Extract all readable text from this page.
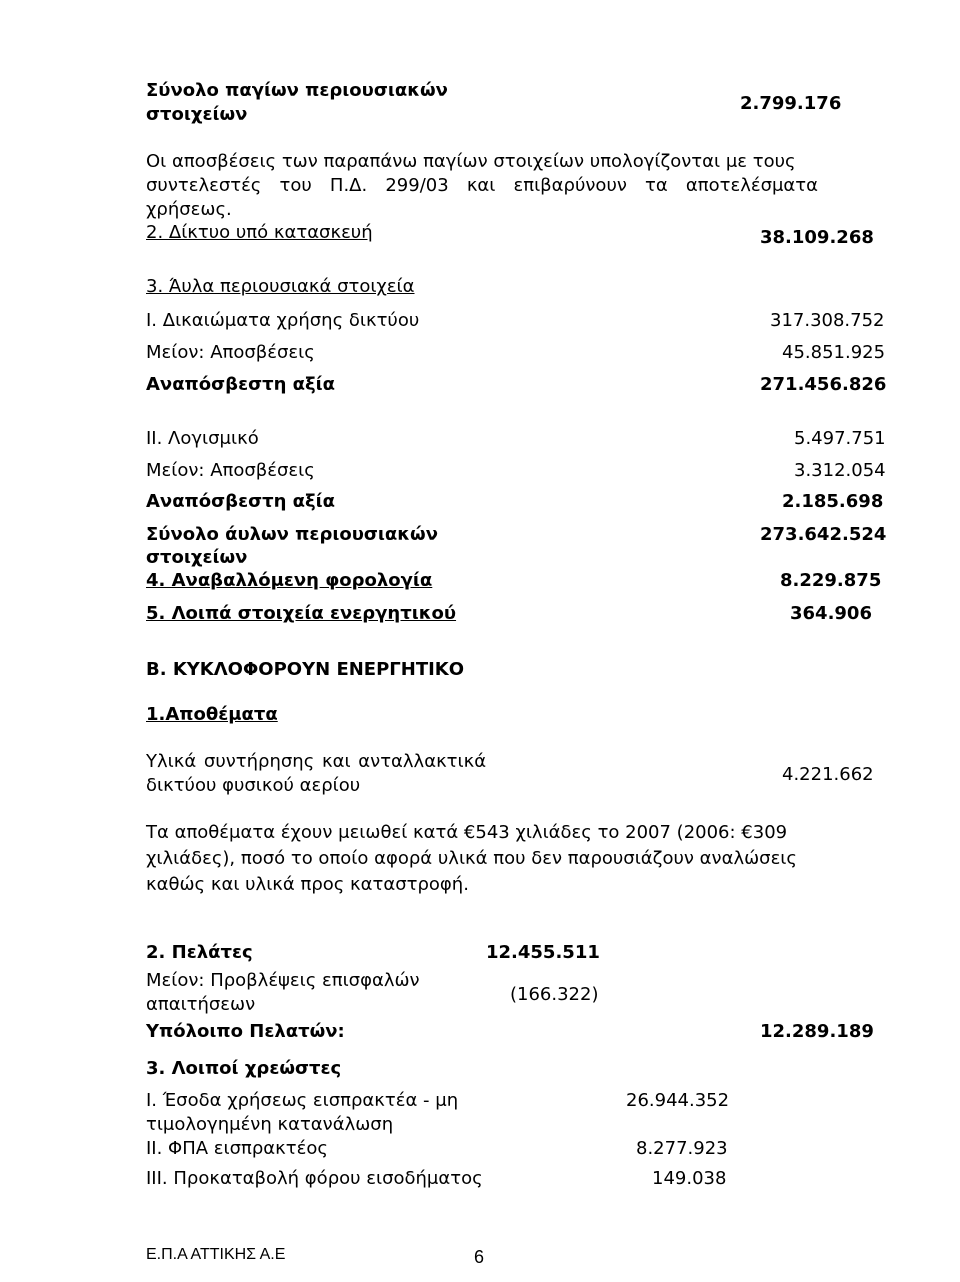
Σύνολο παγίων περιουσιακών
στοιχείων
2.799.176
Οι αποσβέσεις των παραπάνω παγίων στοιχείων υπολογίζονται με τους
συντελεστές του Π.Δ. 299/03 και επιβαρύνουν τα αποτελέσματα χρήσεως.
2. Δίκτυο υπό κατασκευή	38.109.268
3. Άυλα περιουσιακά στοιχεία
Ι. Δικαιώματα χρήσης δικτύου	317.308.752
Μείον: Αποσβέσεις	45.851.925
Αναπόσβεστη αξία	271.456.826
ΙΙ. Λογισμικό	5.497.751
Μείον: Αποσβέσεις	3.312.054
Αναπόσβεστη αξία	2.185.698
Σύνολο άυλων περιουσιακών
στοιχείων
273.642.524
4. Αναβαλλόμενη φορολογία	8.229.875
5. Λοιπά στοιχεία ενεργητικού	364.906
Β. ΚΥΚΛΟΦΟΡΟΥΝ ΕΝΕΡΓΗΤΙΚΟ
1.Αποθέματα
Υλικά συντήρησης και ανταλλακτικά
δικτύου φυσικού αερίου
4.221.662
Τα αποθέματα έχουν μειωθεί κατά €543 χιλιάδες το 2007 (2006: €309
χιλιάδες), ποσό το οποίο αφορά υλικά που δεν παρουσιάζουν αναλώσεις
καθώς και υλικά προς καταστροφή.
2. Πελάτες	12.455.511
Μείον: Προβλέψεις επισφαλών
απαιτήσεων	(166.322)
Υπόλοιπο Πελατών:	12.289.189
3. Λοιποί χρεώστες
Ι. Έσοδα χρήσεως εισπρακτέα - μη
τιμολογημένη κατανάλωση
26.944.352
ΙΙ. ΦΠΑ εισπρακτέος	8.277.923
ΙΙΙ. Προκαταβολή φόρου εισοδήματος	149.038
Ε.Π.Α ΑΤΤΙΚΗΣ Α.Ε	6
